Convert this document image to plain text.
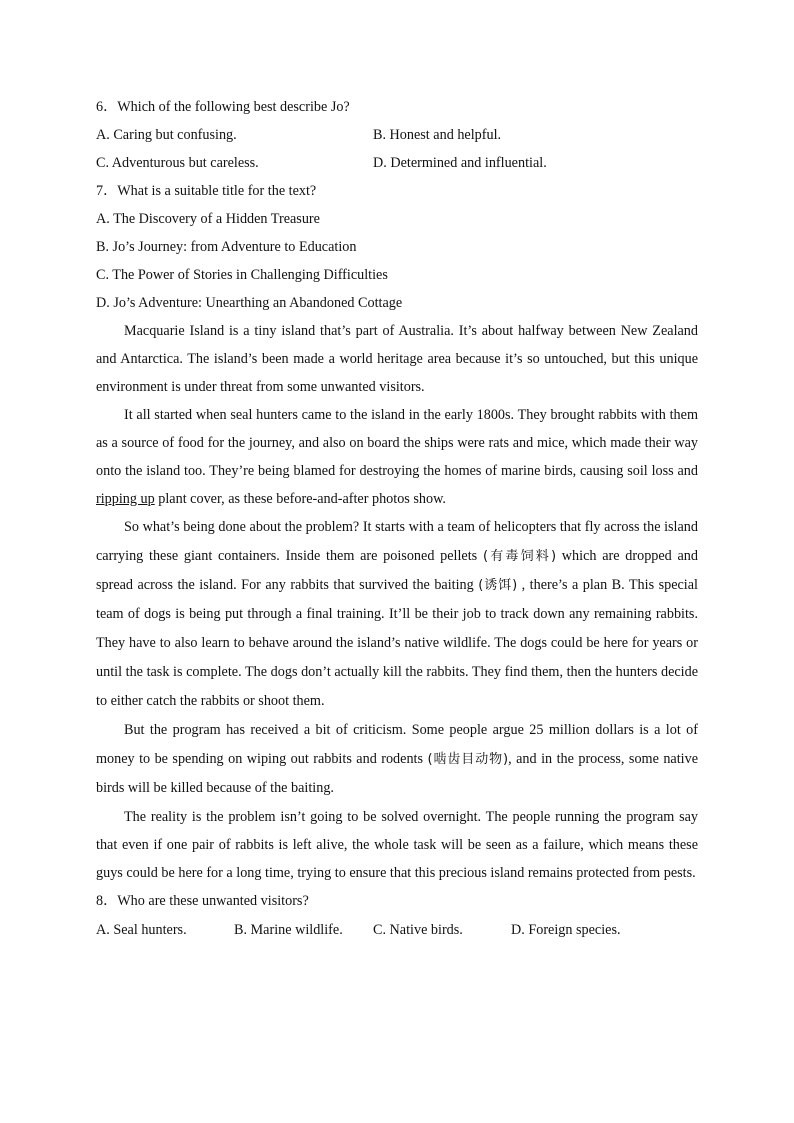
6．Which of the following best describe Jo?
A. Caring but confusing.	B. Honest and helpful.
C. Adventurous but careless.	D. Determined and influential.
7．What is a suitable title for the text?
A. The Discovery of a Hidden Treasure
B. Jo’s Journey: from Adventure to Education
C. The Power of Stories in Challenging Difficulties
D. Jo’s Adventure: Unearthing an Abandoned Cottage

Macquarie Island is a tiny island that’s part of Australia. It’s about halfway between New Zealand and Antarctica. The island’s been made a world heritage area because it’s so untouched, but this unique environment is under threat from some unwanted visitors.

It all started when seal hunters came to the island in the early 1800s. They brought rabbits with them as a source of food for the journey, and also on board the ships were rats and mice, which made their way onto the island too. They’re being blamed for destroying the homes of marine birds, causing soil loss and ripping up plant cover, as these before-and-after photos show.

So what’s being done about the problem? It starts with a team of helicopters that fly across the island carrying these giant containers. Inside them are poisoned pellets (有毒饲料) which are dropped and spread across the island. For any rabbits that survived the baiting (诱饵) , there’s a plan B. This special team of dogs is being put through a final training. It’ll be their job to track down any remaining rabbits. They have to also learn to behave around the island’s native wildlife. The dogs could be here for years or until the task is complete. The dogs don’t actually kill the rabbits. They find them, then the hunters decide to either catch the rabbits or shoot them.

But the program has received a bit of criticism. Some people argue 25 million dollars is a lot of money to be spending on wiping out rabbits and rodents (啮齿目动物), and in the process, some native birds will be killed because of the baiting.

The reality is the problem isn’t going to be solved overnight. The people running the program say that even if one pair of rabbits is left alive, the whole task will be seen as a failure, which means these guys could be here for a long time, trying to ensure that this precious island remains protected from pests.

8．Who are these unwanted visitors?
A. Seal hunters.	B. Marine wildlife.	C. Native birds.	D. Foreign species.
